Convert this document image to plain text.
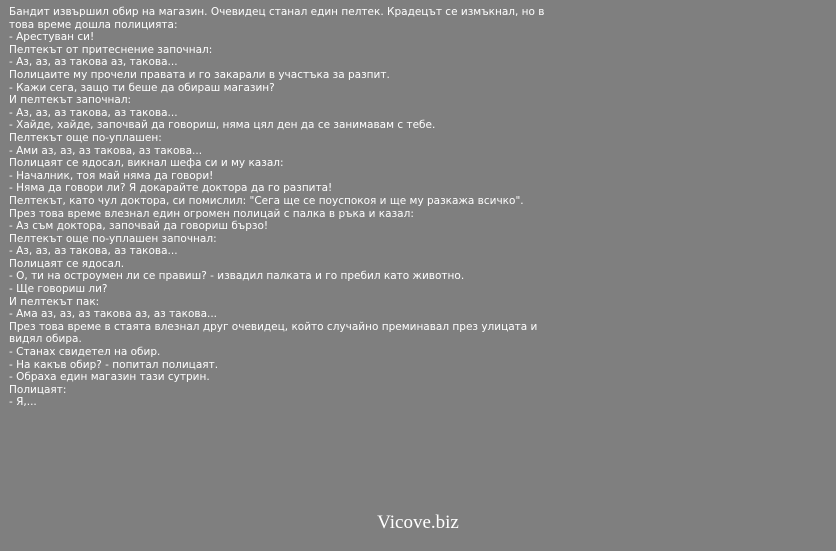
Бандит извършил обир на магазин. Очевидец станал един пелтек. Крадецът се измъкнал, но в
това време дошла полицията:
- Арестуван си!
Пелтекът от притеснение започнал:
- Аз, аз, аз такова аз, такова...
Полицаите му прочели правата и го закарали в участъка за разпит.
- Кажи сега, защо ти беше да обираш магазин?
И пелтекът започнал:
- Аз, аз, аз такова, аз такова...
- Хайде, хайде, започвай да говориш, няма цял ден да се занимавам с тебе.
Пелтекът още по-уплашен:
- Ами аз, аз, аз такова, аз такова...
Полицаят се ядосал, викнал шефа си и му казал:
- Началник, тоя май няма да говори!
- Няма да говори ли? Я докарайте доктора да го разпита!
Пелтекът, като чул доктора, си помислил: "Сега ще се поуспокоя и ще му разкажа всичко".
През това време влезнал един огромен полицай с палка в ръка и казал:
- Аз съм доктора, започвай да говориш бързо!
Пелтекът още по-уплашен започнал:
- Аз, аз, аз такова, аз такова...
Полицаят се ядосал.
- О, ти на остроумен ли се правиш? - извадил палката и го пребил като животно.
- Ще говориш ли?
И пелтекът пак:
- Ама аз, аз, аз такова аз, аз такова...
През това време в стаята влезнал друг очевидец, който случайно преминавал през улицата и
видял обира.
- Станах свидетел на обир.
- На какъв обир? - попитал полицаят.
- Обраха един магазин тази сутрин.
Полицаят:
- Я,...
Vicove.biz
